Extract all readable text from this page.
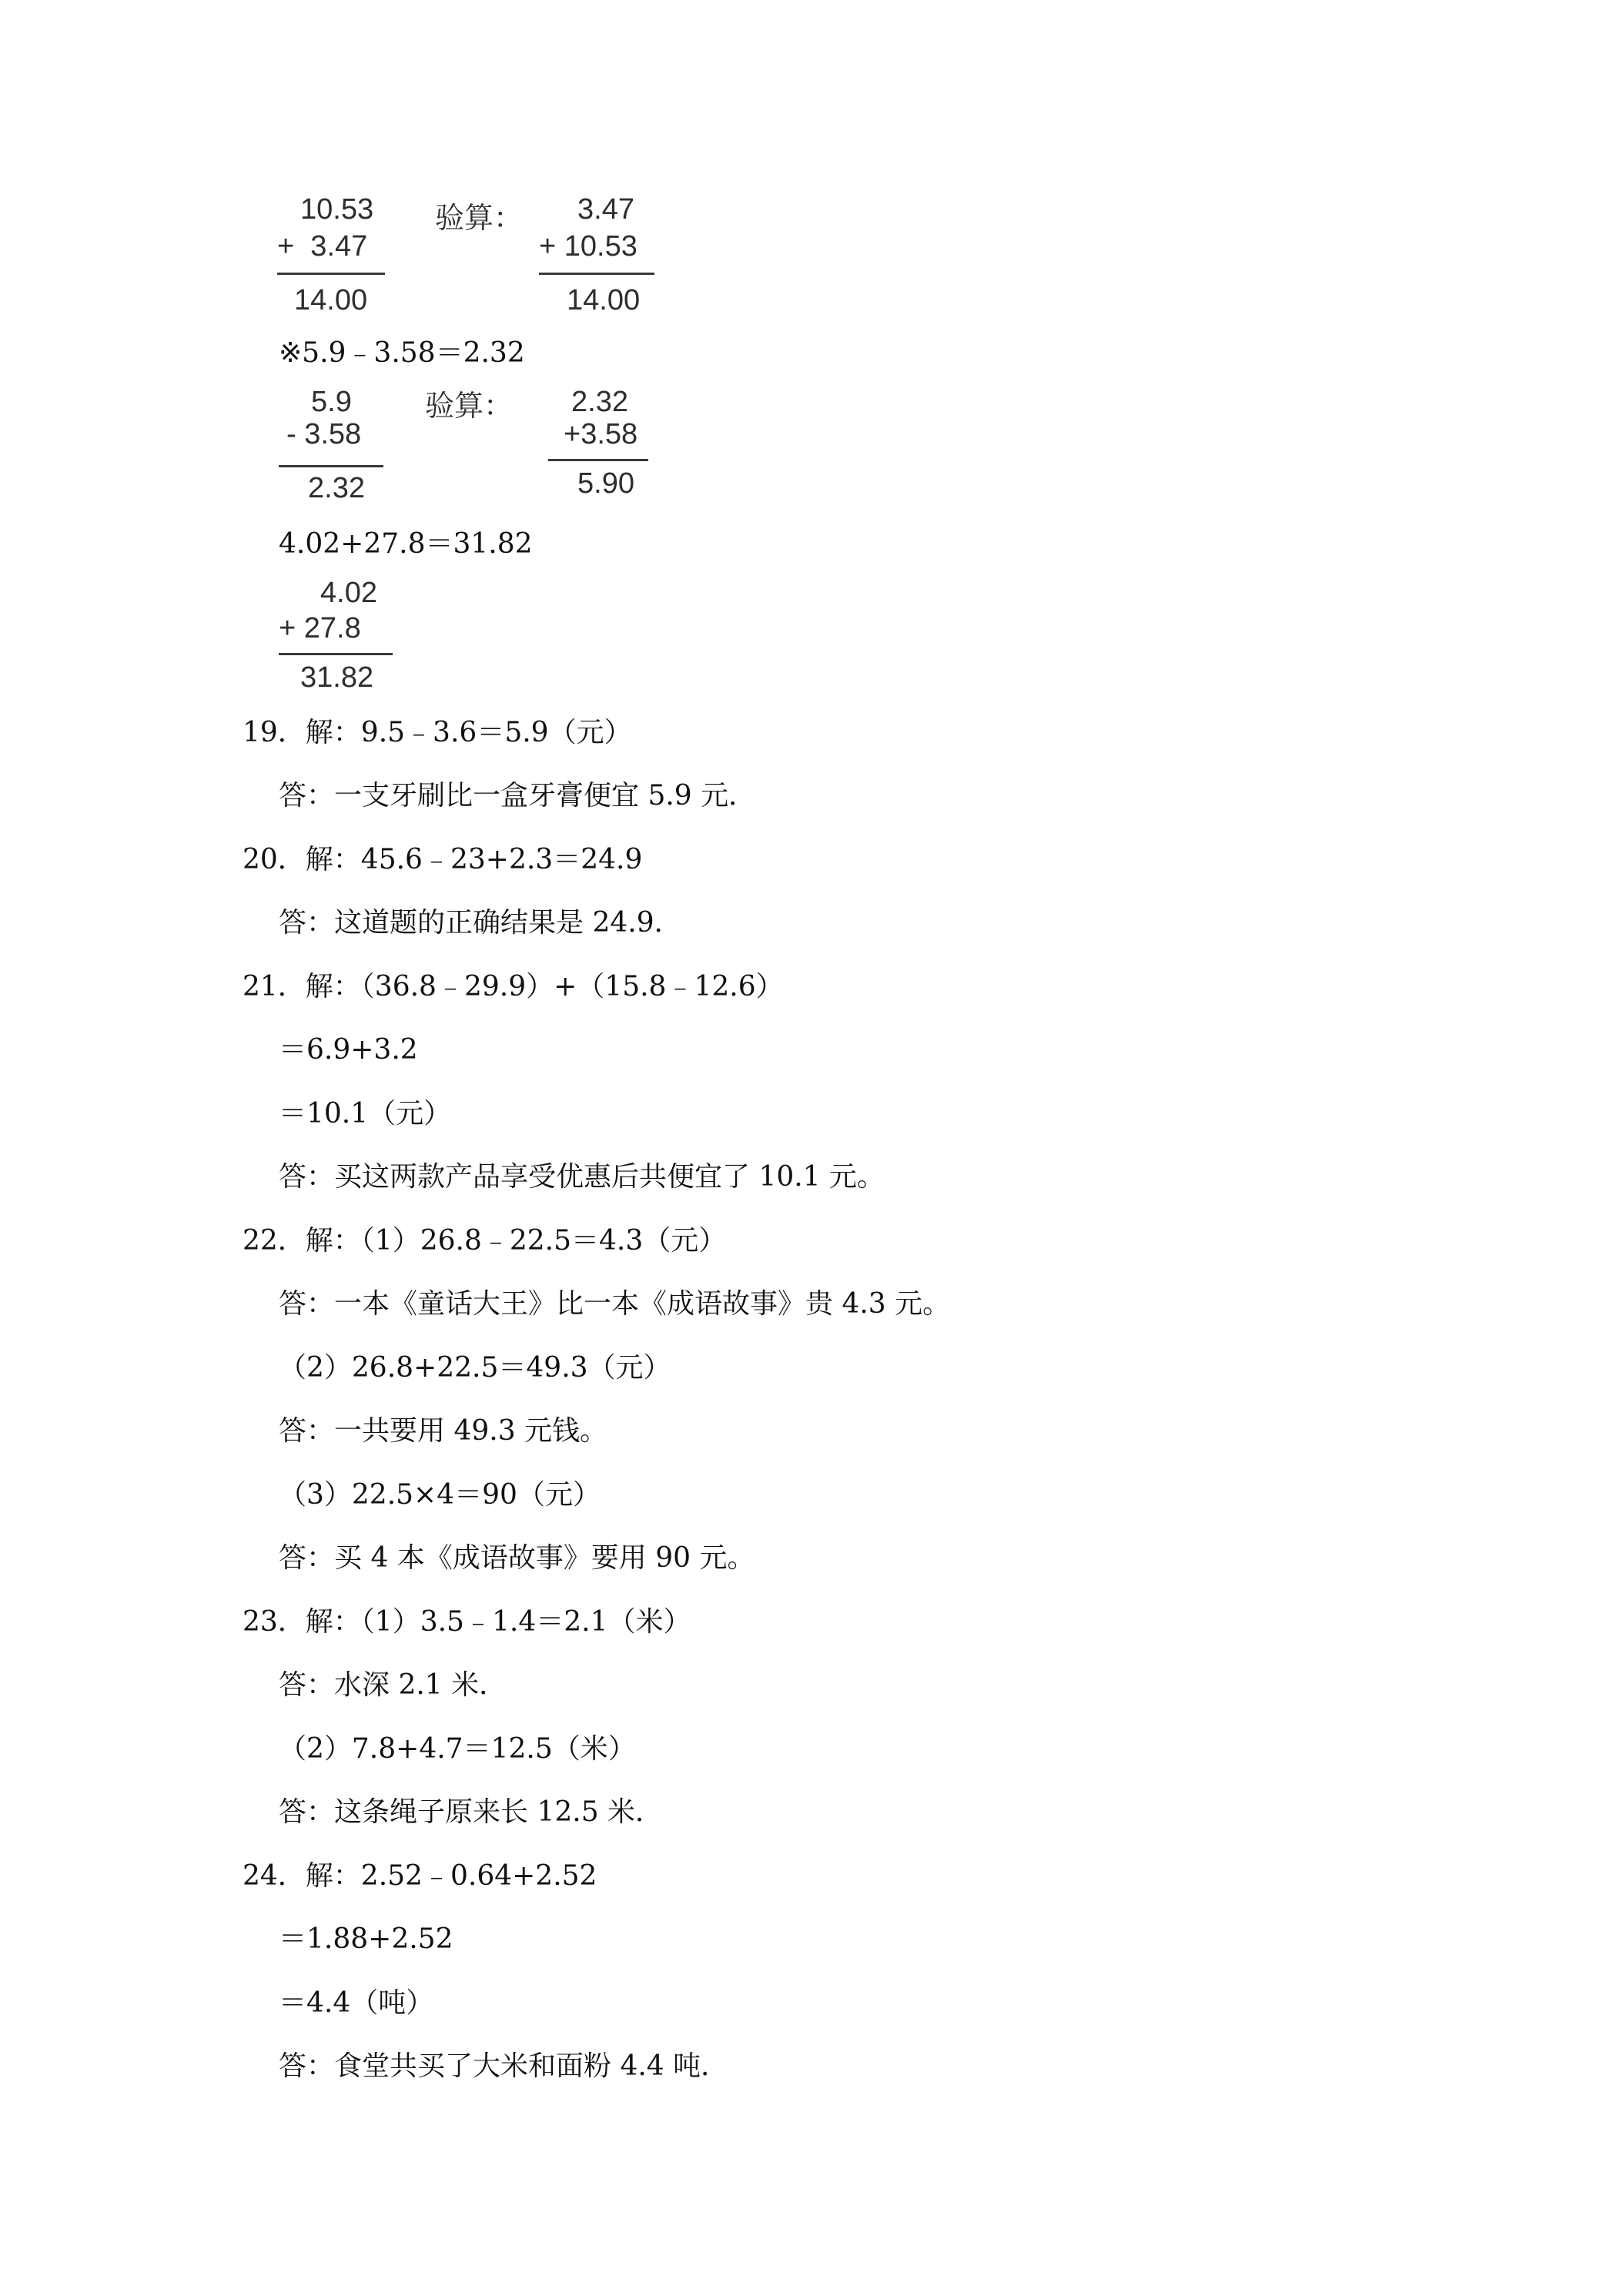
10.53
+  3.47
14.00
验算： 3.47
+ 10.53
14.00
※5.9﹣3.58＝2.32
5.9
- 3.58
2.32
验算： 2.32
+3.58
5.90
4.02+27.8＝31.82
4.02
+ 27.8
31.82
19．解：9.5﹣3.6＝5.9（元）
答：一支牙刷比一盒牙膏便宜 5.9 元．
20．解：45.6﹣23+2.3＝24.9
答：这道题的正确结果是 24.9．
21．解：（36.8﹣29.9）+（15.8﹣12.6）
＝6.9+3.2
＝10.1（元）
答：买这两款产品享受优惠后共便宜了 10.1 元。
22．解：（1）26.8﹣22.5＝4.3（元）
答：一本《童话大王》比一本《成语故事》贵 4.3 元。
（2）26.8+22.5＝49.3（元）
答：一共要用 49.3 元钱。
（3）22.5×4＝90（元）
答：买 4 本《成语故事》要用 90 元。
23．解：（1）3.5﹣1.4＝2.1（米）
答：水深 2.1 米．
（2）7.8+4.7＝12.5（米）
答：这条绳子原来长 12.5 米．
24．解：2.52﹣0.64+2.52
＝1.88+2.52
＝4.4（吨）
答：食堂共买了大米和面粉 4.4 吨．
